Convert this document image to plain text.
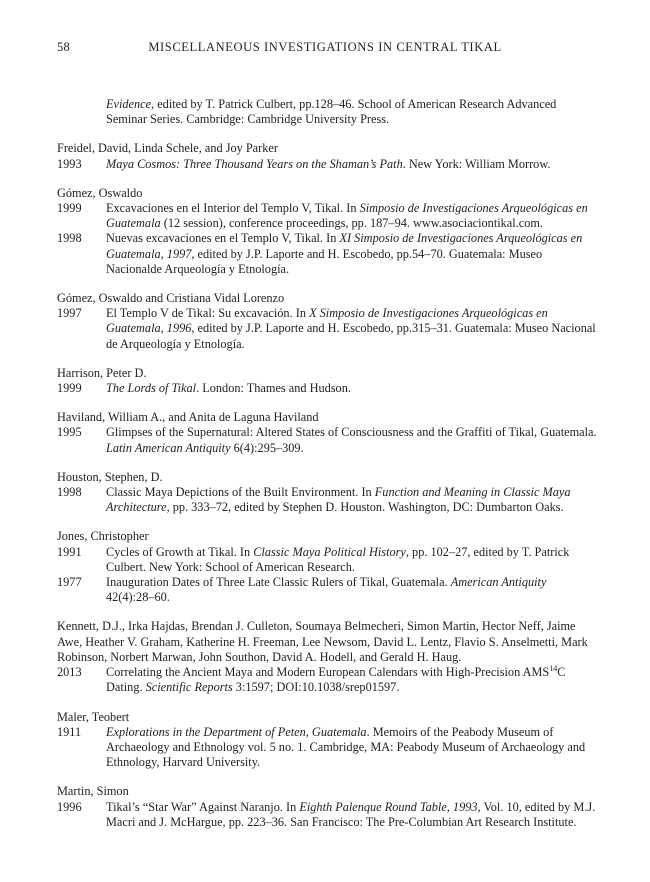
58	MISCELLANEOUS INVESTIGATIONS IN CENTRAL TIKAL
Evidence, edited by T. Patrick Culbert, pp.128–46. School of American Research Advanced Seminar Series. Cambridge: Cambridge University Press.
Freidel, David, Linda Schele, and Joy Parker
1993 Maya Cosmos: Three Thousand Years on the Shaman’s Path. New York: William Morrow.
Gómez, Oswaldo
1999 Excavaciones en el Interior del Templo V, Tikal. In Simposio de Investigaciones Arqueológicas en Guatemala (12 session), conference proceedings, pp. 187–94. www.asociaciontikal.com.
1998 Nuevas excavaciones en el Templo V, Tikal. In XI Simposio de Investigaciones Arqueológicas en Guatemala, 1997, edited by J.P. Laporte and H. Escobedo, pp.54–70. Guatemala: Museo Nacionalde Arqueología y Etnología.
Gómez, Oswaldo and Cristiana Vidal Lorenzo
1997 El Templo V de Tikal: Su excavación. In X Simposio de Investigaciones Arqueológicas en Guatemala, 1996, edited by J.P. Laporte and H. Escobedo, pp.315–31. Guatemala: Museo Nacional de Arqueología y Etnología.
Harrison, Peter D.
1999 The Lords of Tikal. London: Thames and Hudson.
Haviland, William A., and Anita de Laguna Haviland
1995 Glimpses of the Supernatural: Altered States of Consciousness and the Graffiti of Tikal, Guatemala. Latin American Antiquity 6(4):295–309.
Houston, Stephen, D.
1998 Classic Maya Depictions of the Built Environment. In Function and Meaning in Classic Maya Architecture, pp. 333–72, edited by Stephen D. Houston. Washington, DC: Dumbarton Oaks.
Jones, Christopher
1991 Cycles of Growth at Tikal. In Classic Maya Political History, pp. 102–27, edited by T. Patrick Culbert. New York: School of American Research.
1977 Inauguration Dates of Three Late Classic Rulers of Tikal, Guatemala. American Antiquity 42(4):28–60.
Kennett, D.J., Irka Hajdas, Brendan J. Culleton, Soumaya Belmecheri, Simon Martin, Hector Neff, Jaime Awe, Heather V. Graham, Katherine H. Freeman, Lee Newsom, David L. Lentz, Flavio S. Anselmetti, Mark Robinson, Norbert Marwan, John Southon, David A. Hodell, and Gerald H. Haug.
2013 Correlating the Ancient Maya and Modern European Calendars with High-Precision AMS$^{14}$C Dating. Scientific Reports 3:1597; DOI:10.1038/srep01597.
Maler, Teobert
1911 Explorations in the Department of Peten, Guatemala. Memoirs of the Peabody Museum of Archaeology and Ethnology vol. 5 no. 1. Cambridge, MA: Peabody Museum of Archaeology and Ethnology, Harvard University.
Martin, Simon
1996 Tikal’s “Star War” Against Naranjo. In Eighth Palenque Round Table, 1993, Vol. 10, edited by M.J. Macri and J. McHargue, pp. 223–36. San Francisco: The Pre-Columbian Art Research Institute.
